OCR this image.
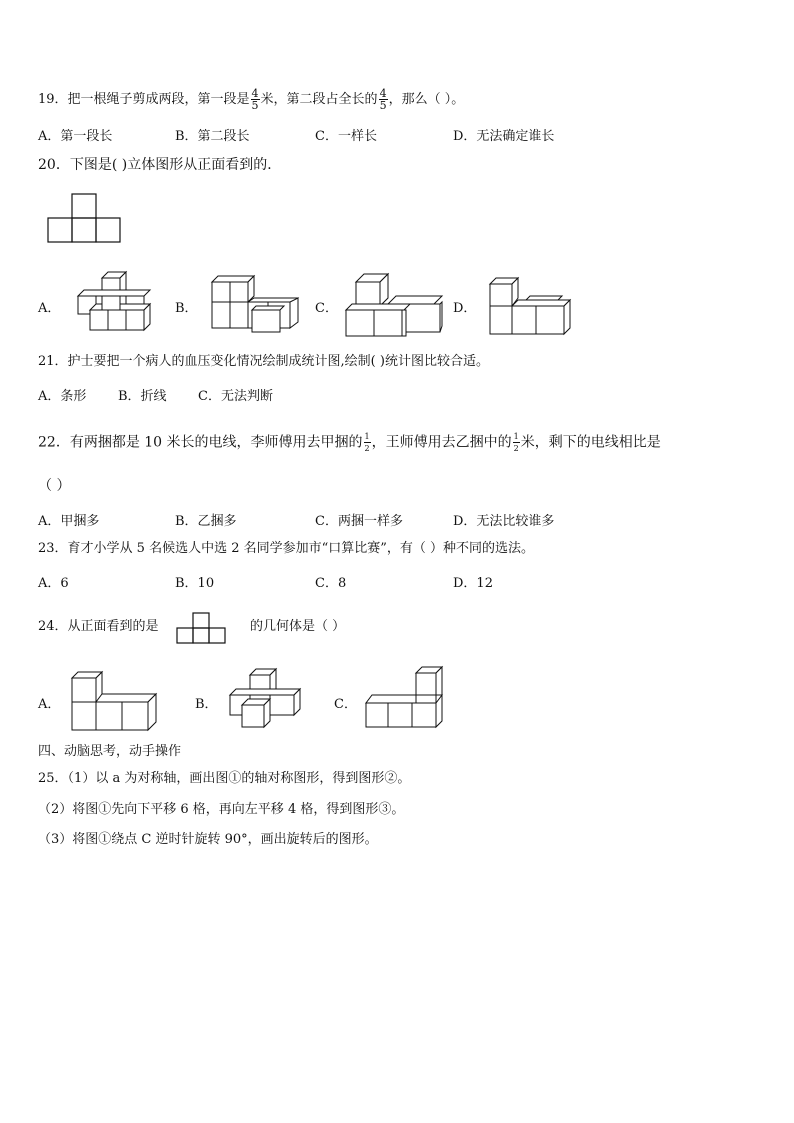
19．把一根绳子剪成两段，第一段是 $\frac{4}{5}$ 米，第二段占全长的 $\frac{4}{5}$ ，那么（ ）。
A．第一段长	B．第二段长	C．一样长	D．无法确定谁长
20．下图是( )立体图形从正面看到的．
A．	B．	C．	D．
21．护士要把一个病人的血压变化情况绘制成统计图,绘制( )统计图比较合适。
A．条形 B．折线 C．无法判断
22．有两捆都是 10 米长的电线，李师傅用去甲捆的 $\frac{1}{2}$ ，王师傅用去乙捆中的 $\frac{1}{2}$ 米，剩下的电线相比是
（ ）
A．甲捆多	B．乙捆多	C．两捆一样多	D．无法比较谁多
23．育才小学从 5 名候选人中选 2 名同学参加市“口算比赛”，有（ ）种不同的选法。
A．6	B．10	C．8	D．12
24．从正面看到的是	的几何体是（ ）
A．	B．	C．
四、动脑思考，动手操作
25．（1）以 a 为对称轴，画出图①的轴对称图形，得到图形②。
（2）将图①先向下平移 6 格，再向左平移 4 格，得到图形③。
（3）将图①绕点 C 逆时针旋转 90°，画出旋转后的图形。
